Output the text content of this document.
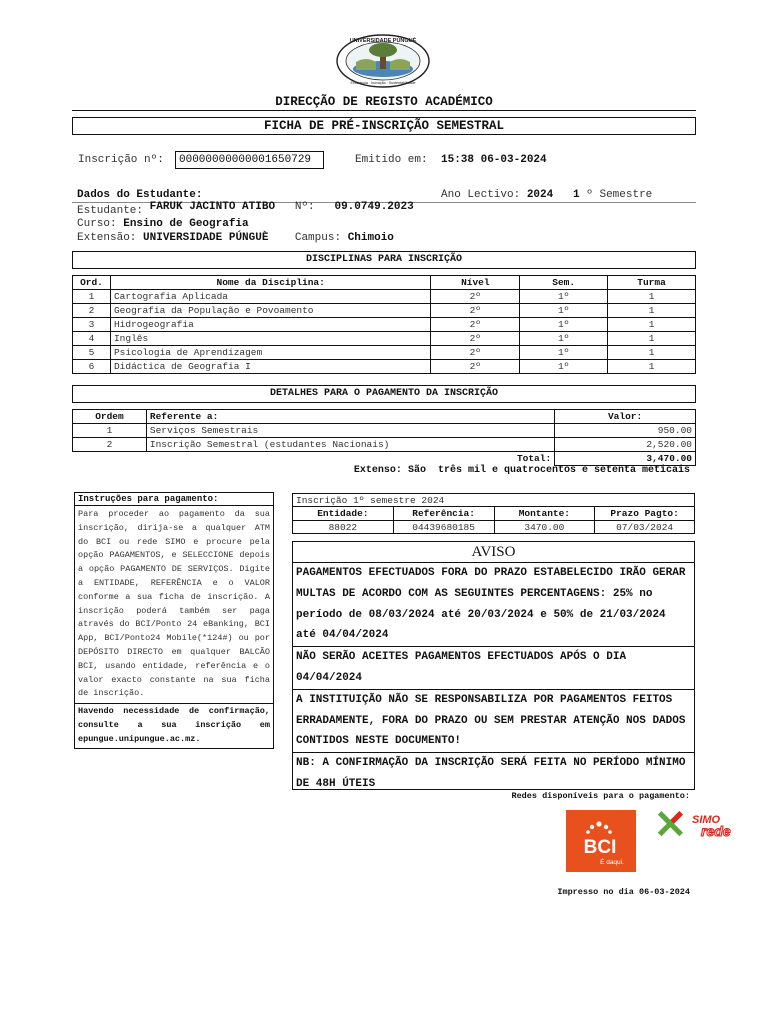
UNIVERSIDADE PÚNGUÈ
Excelência · Inovação · Sustentabilidade
DIRECÇÃO DE REGISTO ACADÉMICO
FICHA DE PRÉ-INSCRIÇÃO SEMESTRAL
Inscrição nº:	00000000000001650729	Emitido em: 15:38 06-03-2024
Dados do Estudante:	Ano Lectivo: 2024 1 º Semestre
Estudante: FARUK JACINTO ATIBO Nº: 09.0749.2023
Curso: Ensino de Geografia
Extensão: UNIVERSIDADE PÚNGUÈ Campus: Chimoio
DISCIPLINAS PARA INSCRIÇÃO
Ord.	Nome da Disciplina:	Nível	Sem.	Turma
1	Cartografia Aplicada	2º	1º	1
2	Geografia da População e Povoamento	2º	1º	1
3	Hidrogeografia	2º	1º	1
4	Inglês	2º	1º	1
5	Psicologia de Aprendizagem	2º	1º	1
6	Didáctica de Geografia I	2º	1º	1
DETALHES PARA O PAGAMENTO DA INSCRIÇÃO
Ordem	Referente a:	Valor:
1	Serviços Semestrais	950.00
2	Inscrição Semestral (estudantes Nacionais)	2,520.00
	Total:	3,470.00
Extenso: São  três mil e quatrocentos e setenta meticais
Instruções para pagamento:
Para proceder ao pagamento da sua inscrição, dirija-se a qualquer ATM do BCI ou rede SIMO e procure pela opção PAGAMENTOS, e SELECCIONE depois a opção PAGAMENTO DE SERVIÇOS. Digite a ENTIDADE, REFERÊNCIA e o VALOR conforme a sua ficha de inscrição. A inscrição poderá também ser paga através do BCI/Ponto 24 eBanking, BCI App, BCI/Ponto24 Mobile(*124#) ou por DEPÓSITO DIRECTO em qualquer BALCÃO BCI, usando entidade, referência e o valor exacto constante na sua ficha de inscrição.
Havendo necessidade de confirmação, consulte a sua inscrição em epungue.unipungue.ac.mz.
Inscrição 1º semestre 2024			
Entidade:	Referência:	Montante:	Prazo Pagto:
88022	04439680185	3470.00	07/03/2024
AVISO
PAGAMENTOS EFECTUADOS FORA DO PRAZO ESTABELECIDO IRÃO GERAR MULTAS DE ACORDO COM AS SEGUINTES PERCENTAGENS: 25% no período de 08/03/2024 até 20/03/2024 e 50% de 21/03/2024 até 04/04/2024
NÃO SERÃO ACEITES PAGAMENTOS EFECTUADOS APÓS O DIA 04/04/2024
A INSTITUIÇÃO NÃO SE RESPONSABILIZA POR PAGAMENTOS FEITOS ERRADAMENTE, FORA DO PRAZO OU SEM PRESTAR ATENÇÃO NOS DADOS CONTIDOS NESTE DOCUMENTO!
NB: A CONFIRMAÇÃO DA INSCRIÇÃO SERÁ FEITA NO PERÍODO MÍNIMO DE 48H ÚTEIS
Redes disponíveis para o pagamento:
BCI
É daqui.
SIMO
rede
Impresso no dia 06-03-2024
